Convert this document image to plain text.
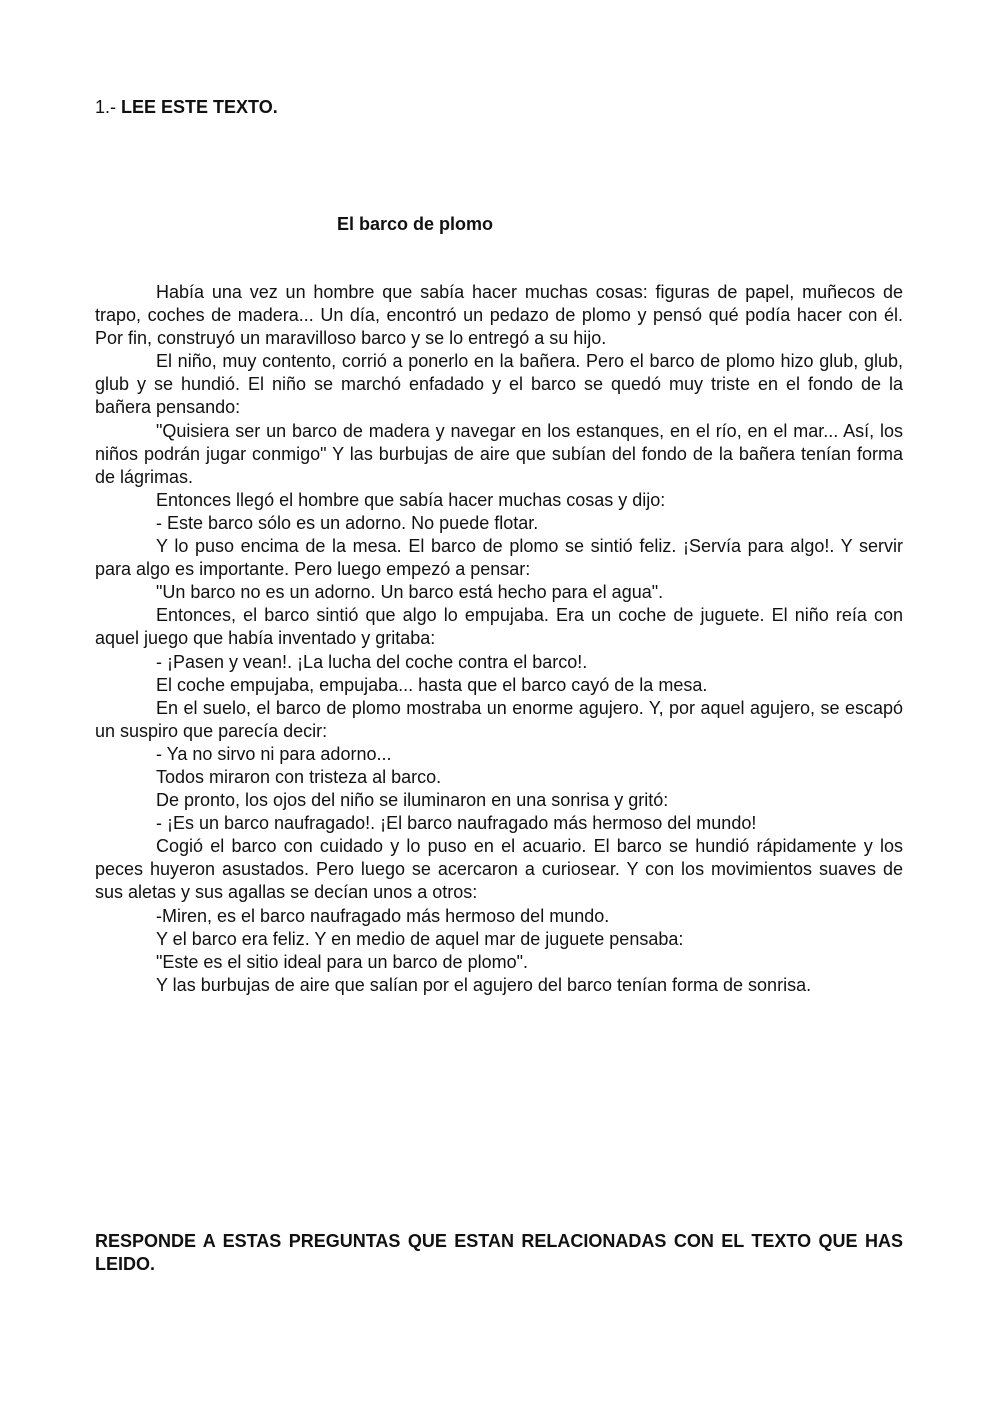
1.- LEE ESTE TEXTO.
El barco de plomo

Había una vez un hombre que sabía hacer muchas cosas: figuras de papel, muñecos de trapo, coches de madera... Un día, encontró un pedazo de plomo y pensó qué podía hacer con él. Por fin, construyó un maravilloso barco y se lo entregó a su hijo.

El niño, muy contento, corrió a ponerlo en la bañera. Pero el barco de plomo hizo glub, glub, glub y se hundió. El niño se marchó enfadado y el barco se quedó muy triste en el fondo de la bañera pensando:

"Quisiera ser un barco de madera y navegar en los estanques, en el río, en el mar... Así, los niños podrán jugar conmigo" Y las burbujas de aire que subían del fondo de la bañera tenían forma de lágrimas.

Entonces llegó el hombre que sabía hacer muchas cosas y dijo:

- Este barco sólo es un adorno. No puede flotar.

Y lo puso encima de la mesa. El barco de plomo se sintió feliz. ¡Servía para algo!. Y servir para algo es importante. Pero luego empezó a pensar:

"Un barco no es un adorno. Un barco está hecho para el agua".

Entonces, el barco sintió que algo lo empujaba. Era un coche de juguete. El niño reía con aquel juego que había inventado y gritaba:

- ¡Pasen y vean!. ¡La lucha del coche contra el barco!.

El coche empujaba, empujaba... hasta que el barco cayó de la mesa.

En el suelo, el barco de plomo mostraba un enorme agujero. Y, por aquel agujero, se escapó un suspiro que parecía decir:

- Ya no sirvo ni para adorno...

Todos miraron con tristeza al barco.

De pronto, los ojos del niño se iluminaron en una sonrisa y gritó:

- ¡Es un barco naufragado!. ¡El barco naufragado más hermoso del mundo!

Cogió el barco con cuidado y lo puso en el acuario. El barco se hundió rápidamente y los peces huyeron asustados. Pero luego se acercaron a curiosear. Y con los movimientos suaves de sus aletas y sus agallas se decían unos a otros:

-Miren, es el barco naufragado más hermoso del mundo.

Y el barco era feliz. Y en medio de aquel mar de juguete pensaba:

"Este es el sitio ideal para un barco de plomo".

Y las burbujas de aire que salían por el agujero del barco tenían forma de sonrisa.

RESPONDE A ESTAS PREGUNTAS QUE ESTAN RELACIONADAS CON EL TEXTO QUE HAS LEIDO.
